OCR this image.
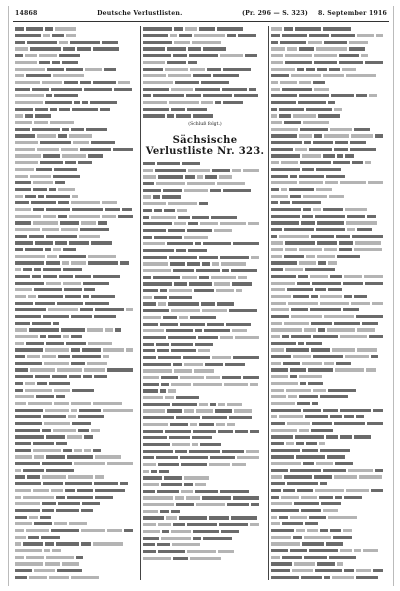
14868	Deutsche Verlustlisten.	(Pr. 296 — S. 323) 8. September 1916
(Schluß folgt.)
Sächsische Verlustliste Nr. 323.
